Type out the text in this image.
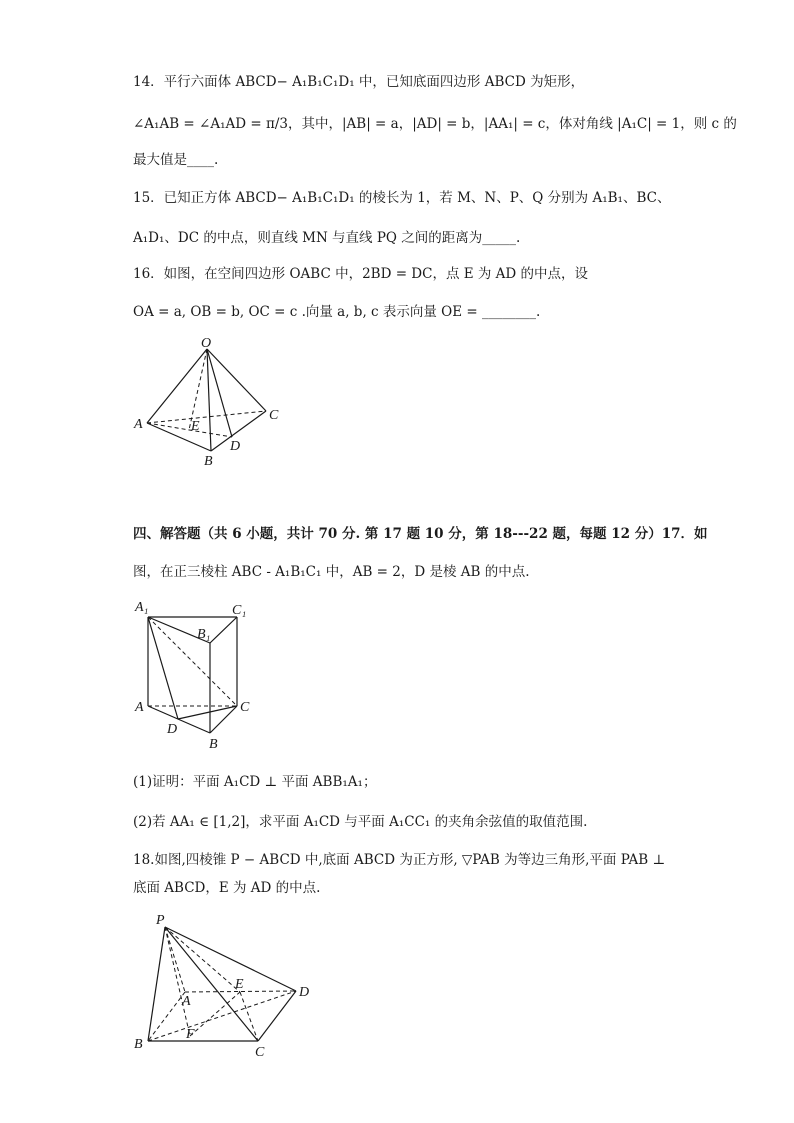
14．平行六面体 ABCD− A₁B₁C₁D₁ 中，已知底面四边形 ABCD 为矩形，
∠A₁AB = ∠A₁AD = π/3，其中，|AB| = a，|AD| = b，|AA₁| = c，体对角线 |A₁C| = 1，则 c 的
最大值是____.
15．已知正方体 ABCD− A₁B₁C₁D₁ 的棱长为 1，若 M、N、P、Q 分别为 A₁B₁、BC、
A₁D₁、DC 的中点，则直线 MN 与直线 PQ 之间的距离为_____.
16．如图，在空间四边形 OABC 中，2BD = DC，点 E 为 AD 的中点，设
OA = a, OB = b, OC = c .向量 a, b, c 表示向量 OE = ________.
O
A	E
C
B
D
四、解答题（共 6 小题，共计 70 分. 第 17 题 10 分，第 18---22 题，每题 12 分）17．如
图，在正三棱柱 ABC - A₁B₁C₁ 中，AB = 2，D 是棱 AB 的中点.
A₁	C₁
B₁
A	C
D
B
(1)证明：平面 A₁CD ⊥ 平面 ABB₁A₁；
(2)若 AA₁ ∈ [1,2]，求平面 A₁CD 与平面 A₁CC₁ 的夹角余弦值的取值范围.
18.如图,四棱锥 P − ABCD 中,底面 ABCD 为正方形, ▽PAB 为等边三角形,平面 PAB ⊥
底面 ABCD，E 为 AD 的中点.
P
A
E
D
B
F
C
